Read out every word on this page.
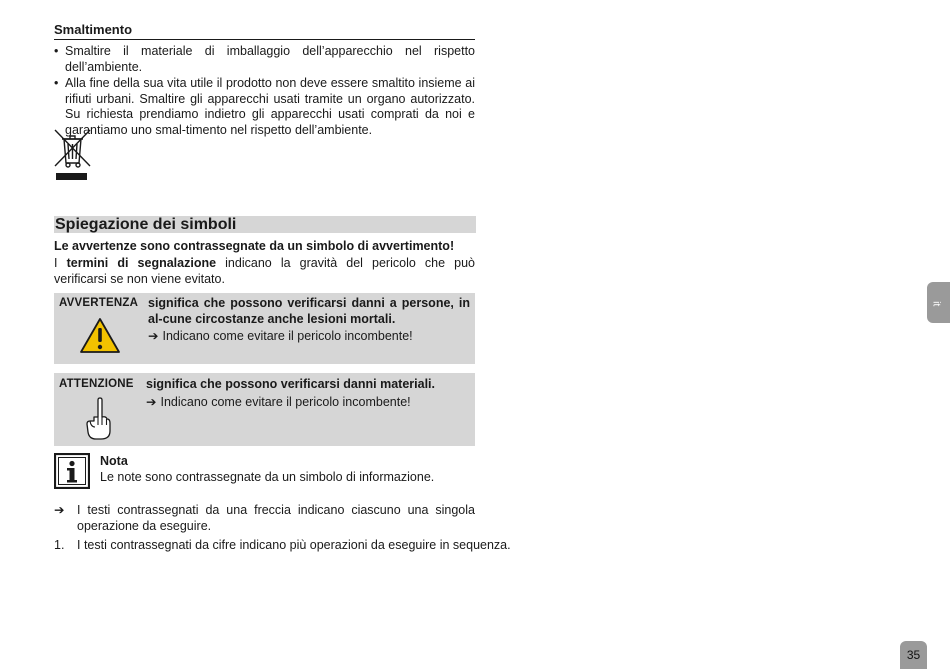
Smaltimento
• Smaltire il materiale di imballaggio dell’apparecchio nel rispetto dell’ambiente.
• Alla fine della sua vita utile il prodotto non deve essere smaltito insieme ai rifiuti urbani. Smaltire gli apparecchi usati tramite un organo autorizzato. Su richiesta prendiamo indietro gli apparecchi usati comprati da noi e garantiamo uno smal-timento nel rispetto dell’ambiente.
Spiegazione dei simboli
Le avvertenze sono contrassegnate da un simbolo di avvertimento!
I termini di segnalazione indicano la gravità del pericolo che può verificarsi se non viene evitato.
AVVERTENZA significa che possono verificarsi danni a persone, in al-cune circostanze anche lesioni mortali.
➔ Indicano come evitare il pericolo incombente!
ATTENZIONE significa che possono verificarsi danni materiali.
➔ Indicano come evitare il pericolo incombente!
Nota
Le note sono contrassegnate da un simbolo di informazione.
➔	I testi contrassegnati da una freccia indicano ciascuno una singola operazione da eseguire.
1.	I testi contrassegnati da cifre indicano più operazioni da eseguire in sequenza.
it
35
